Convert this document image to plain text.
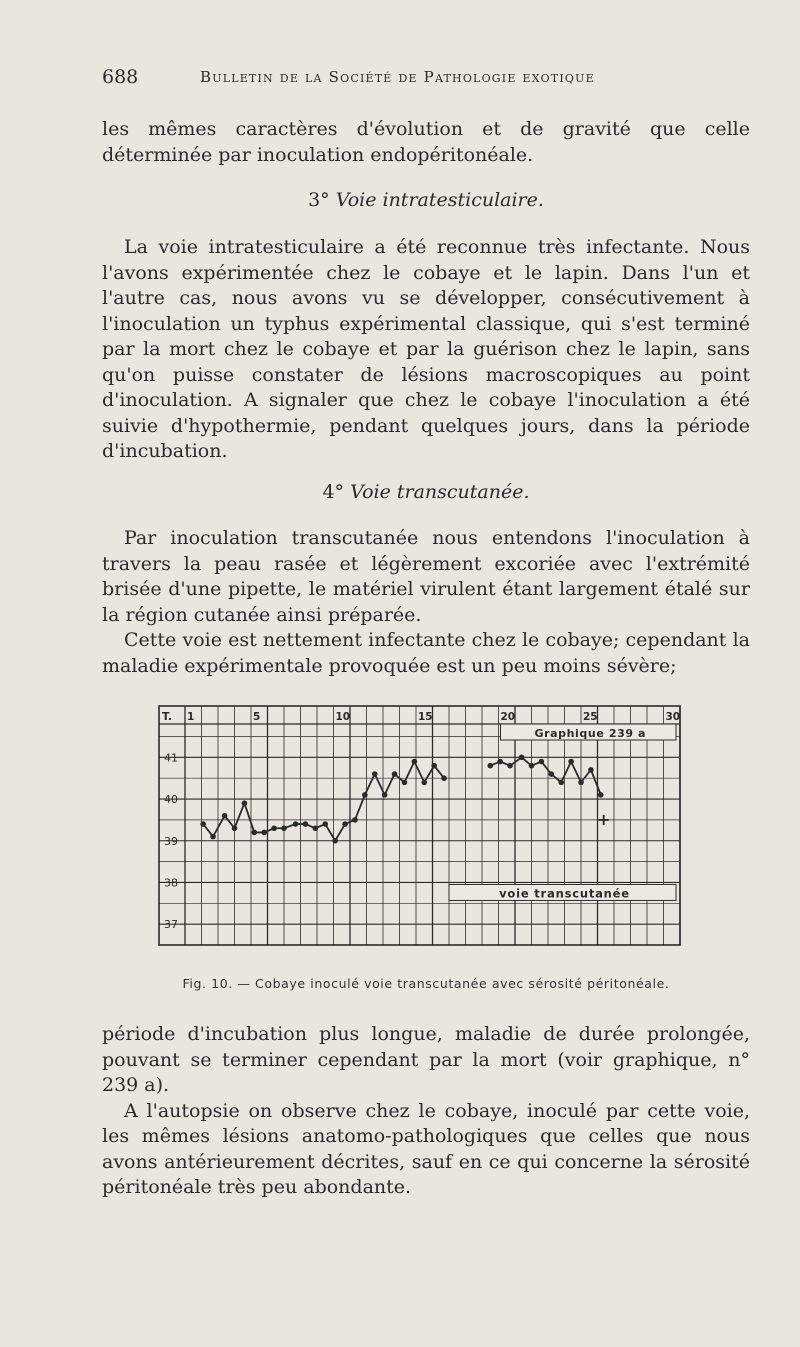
688	Bulletin de la Société de Pathologie exotique

les mêmes caractères d'évolution et de gravité que celle déterminée par inoculation endopéritonéale.

3° Voie intratesticulaire.

La voie intratesticulaire a été reconnue très infectante. Nous l'avons expérimentée chez le cobaye et le lapin. Dans l'un et l'autre cas, nous avons vu se développer, consécutivement à l'inoculation un typhus expérimental classique, qui s'est terminé par la mort chez le cobaye et par la guérison chez le lapin, sans qu'on puisse constater de lésions macroscopiques au point d'inoculation. A signaler que chez le cobaye l'inoculation a été suivie d'hypothermie, pendant quelques jours, dans la période d'incubation.

4° Voie transcutanée.

Par inoculation transcutanée nous entendons l'inoculation à travers la peau rasée et légèrement excoriée avec l'extrémité brisée d'une pipette, le matériel virulent étant largement étalé sur la région cutanée ainsi préparée.

Cette voie est nettement infectante chez le cobaye; cependant la maladie expérimentale provoquée est un peu moins sévère;

T. 1	5	10	15	20	25	30
41
40
39
38
37
Graphique 239 a
+
voie transcutanée
Fig. 10. — Cobaye inoculé voie transcutanée avec sérosité péritonéale.

période d'incubation plus longue, maladie de durée prolongée, pouvant se terminer cependant par la mort (voir graphique, n° 239 a).

A l'autopsie on observe chez le cobaye, inoculé par cette voie, les mêmes lésions anatomo-pathologiques que celles que nous avons antérieurement décrites, sauf en ce qui concerne la sérosité péritonéale très peu abondante.
